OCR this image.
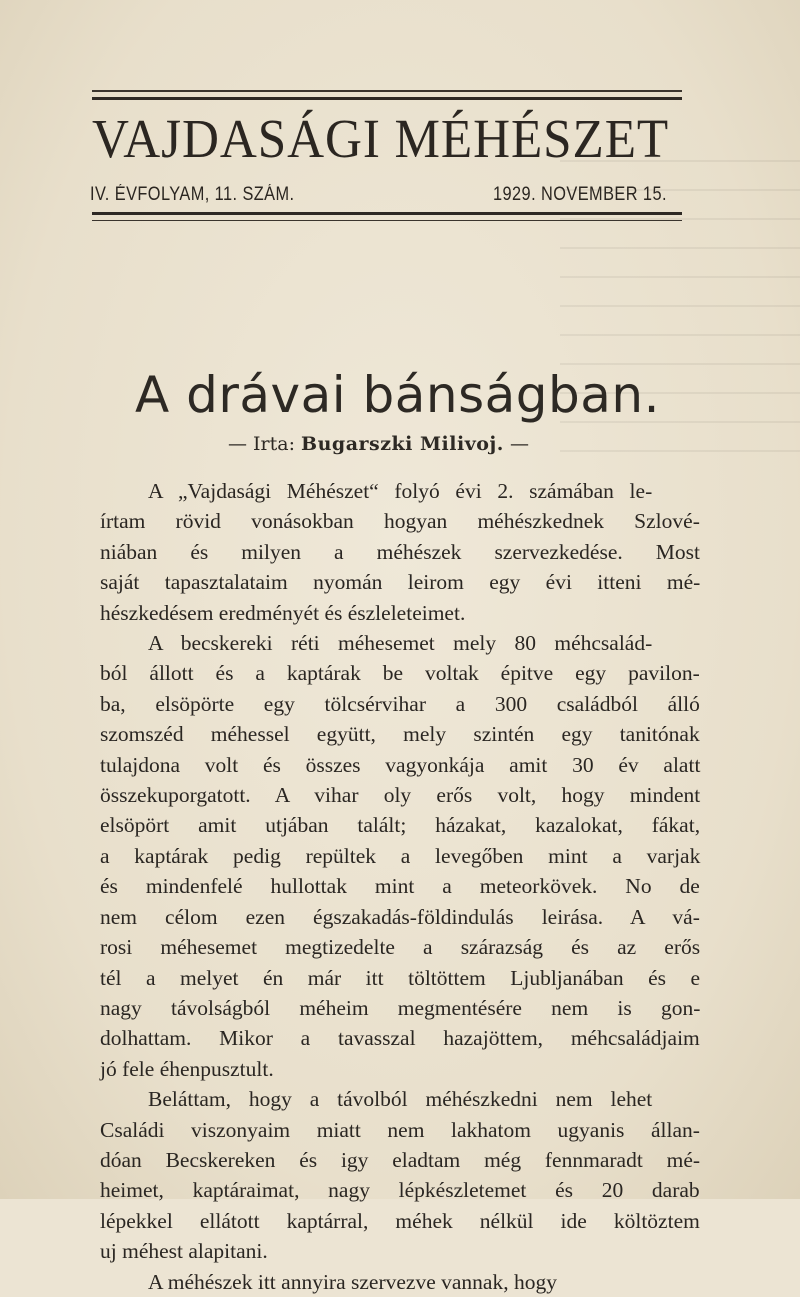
VAJDASÁGI MÉHÉSZET
IV. ÉVFOLYAM, 11. SZÁM.	1929. NOVEMBER 15.
A drávai bánságban.
— Irta: Bugarszki Milivoj. —
A „Vajdasági Méhészet“ folyó évi 2. számában le-
írtam rövid vonásokban hogyan méhészkednek Szlové-
niában és milyen a méhészek szervezkedése. Most
saját tapasztalataim nyomán leirom egy évi itteni mé-
hészkedésem eredményét és észleleteimet.
A becskereki réti méhesemet mely 80 méhcsalád-
ból állott és a kaptárak be voltak épitve egy pavilon-
ba, elsöpörte egy tölcsérvihar a 300 családból álló
szomszéd méhessel együtt, mely szintén egy tanitónak
tulajdona volt és összes vagyonkája amit 30 év alatt
összekuporgatott. A vihar oly erős volt, hogy mindent
elsöpört amit utjában talált; házakat, kazalokat, fákat,
a kaptárak pedig repültek a levegőben mint a varjak
és mindenfelé hullottak mint a meteorkövek. No de
nem célom ezen égszakadás-földindulás leirása. A vá-
rosi méhesemet megtizedelte a szárazság és az erős
tél a melyet én már itt töltöttem Ljubljanában és e
nagy távolságból méheim megmentésére nem is gon-
dolhattam. Mikor a tavasszal hazajöttem, méhcsaládjaim
jó fele éhenpusztult.
Beláttam, hogy a távolból méhészkedni nem lehet
Családi viszonyaim miatt nem lakhatom ugyanis állan-
dóan Becskereken és igy eladtam még fennmaradt mé-
heimet, kaptáraimat, nagy lépkészletemet és 20 darab
lépekkel ellátott kaptárral, méhek nélkül ide költöztem
uj méhest alapitani.
A méhészek itt annyira szervezve vannak, hogy
